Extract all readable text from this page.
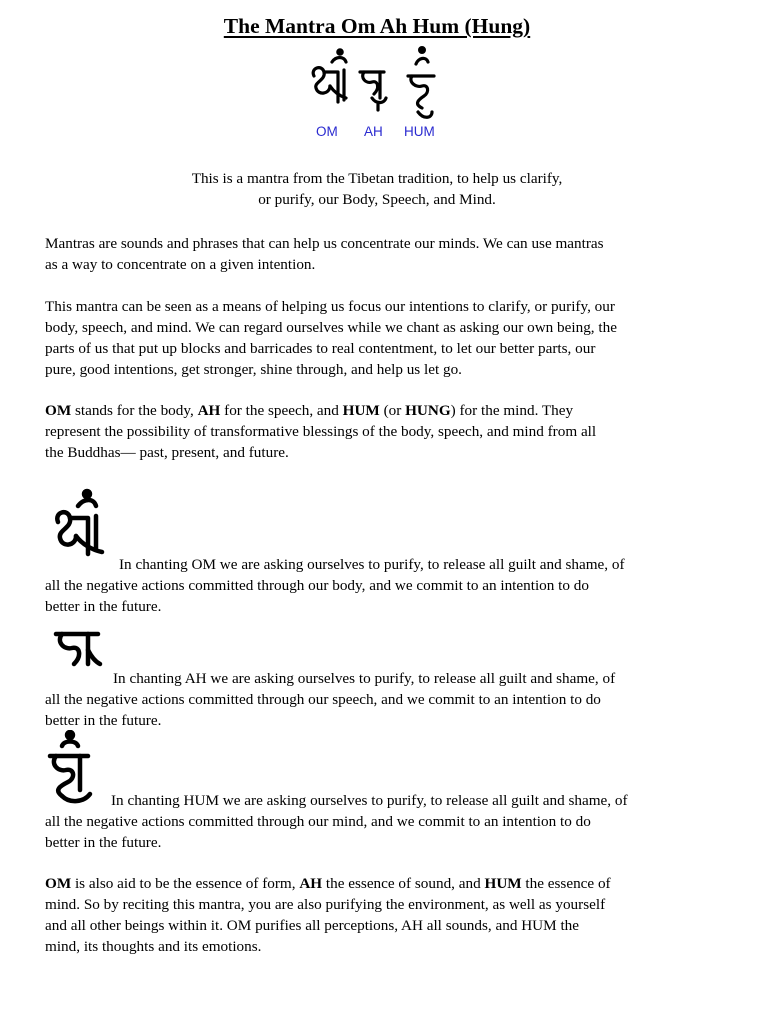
The Mantra Om Ah Hum (Hung)
OM AH HUM
This is a mantra from the Tibetan tradition, to help us clarify,
or purify, our Body, Speech, and Mind.

Mantras are sounds and phrases that can help us concentrate our minds. We can use mantras

as a way to concentrate on a given intention.

This mantra can be seen as a means of helping us focus our intentions to clarify, or purify, our

body, speech, and mind. We can regard ourselves while we chant as asking our own being, the

parts of us that put up blocks and barricades to real contentment, to let our better parts, our

pure, good intentions, get stronger, shine through, and help us let go.

OM stands for the body, AH for the speech, and HUM (or HUNG) for the mind. They

represent the possibility of transformative blessings of the body, speech, and mind from all

the Buddhas— past, present, and future.

In chanting OM we are asking ourselves to purify, to release all guilt and shame, of
all the negative actions committed through our body, and we commit to an intention to do
better in the future.
In chanting AH we are asking ourselves to purify, to release all guilt and shame, of
all the negative actions committed through our speech, and we commit to an intention to do
better in the future.
In chanting HUM we are asking ourselves to purify, to release all guilt and shame, of
all the negative actions committed through our mind, and we commit to an intention to do
better in the future.

OM is also aid to be the essence of form, AH the essence of sound, and HUM the essence of

mind. So by reciting this mantra, you are also purifying the environment, as well as yourself

and all other beings within it. OM purifies all perceptions, AH all sounds, and HUM the

mind, its thoughts and its emotions.
